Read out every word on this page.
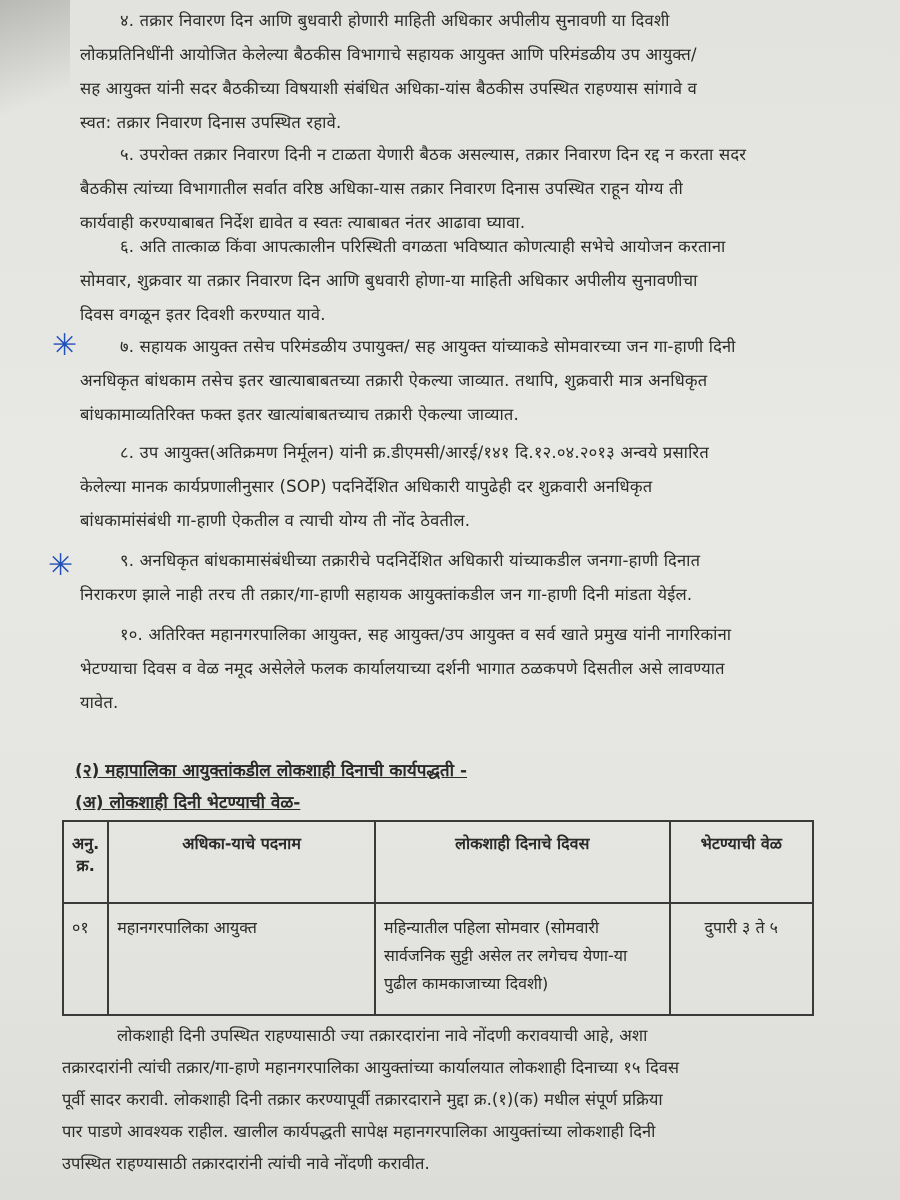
४. तक्रार निवारण दिन आणि बुधवारी होणारी माहिती अधिकार अपीलीय सुनावणी या दिवशी
लोकप्रतिनिधींनी आयोजित केलेल्या बैठकीस विभागाचे सहायक आयुक्त आणि परिमंडळीय उप आयुक्त/
सह आयुक्त यांनी सदर बैठकीच्या विषयाशी संबंधित अधिका-यांस बैठकीस उपस्थित राहण्यास सांगावे व
स्वत: तक्रार निवारण दिनास उपस्थित रहावे.
५. उपरोक्त तक्रार निवारण दिनी न टाळता येणारी बैठक असल्यास, तक्रार निवारण दिन रद्द न करता सदर
बैठकीस त्यांच्या विभागातील सर्वात वरिष्ठ अधिका-यास तक्रार निवारण दिनास उपस्थित राहून योग्य ती
कार्यवाही करण्याबाबत निर्देश द्यावेत व स्वतः त्याबाबत नंतर आढावा घ्यावा.
६. अति तात्काळ किंवा आपत्कालीन परिस्थिती वगळता भविष्यात कोणत्याही सभेचे आयोजन करताना
सोमवार, शुक्रवार या तक्रार निवारण दिन आणि बुधवारी होणा-या माहिती अधिकार अपीलीय सुनावणीचा
दिवस वगळून इतर दिवशी करण्यात यावे.
✳	७. सहायक आयुक्त तसेच परिमंडळीय उपायुक्त/ सह आयुक्त यांच्याकडे सोमवारच्या जन गा-हाणी दिनी
अनधिकृत बांधकाम तसेच इतर खात्याबाबतच्या तक्रारी ऐकल्या जाव्यात. तथापि, शुक्रवारी मात्र अनधिकृत
बांधकामाव्यतिरिक्त फक्त इतर खात्यांबाबतच्याच तक्रारी ऐकल्या जाव्यात.
८. उप आयुक्त(अतिक्रमण निर्मूलन) यांनी क्र.डीएमसी/आरई/१४१ दि.१२.०४.२०१३ अन्वये प्रसारित
केलेल्या मानक कार्यप्रणालीनुसार (SOP) पदनिर्देशित अधिकारी यापुढेही दर शुक्रवारी अनधिकृत
बांधकामांसंबंधी गा-हाणी ऐकतील व त्याची योग्य ती नोंद ठेवतील.
✳	९. अनधिकृत बांधकामासंबंधीच्या तक्रारीचे पदनिर्देशित अधिकारी यांच्याकडील जनगा-हाणी दिनात
निराकरण झाले नाही तरच ती तक्रार/गा-हाणी सहायक आयुक्तांकडील जन गा-हाणी दिनी मांडता येईल.
१०. अतिरिक्त महानगरपालिका आयुक्त, सह आयुक्त/उप आयुक्त व सर्व खाते प्रमुख यांनी नागरिकांना
भेटण्याचा दिवस व वेळ नमूद असेलेले फलक कार्यालयाच्या दर्शनी भागात ठळकपणे दिसतील असे लावण्यात
यावेत.
(२) महापालिका आयुक्तांकडील लोकशाही दिनाची कार्यपद्धती -
(अ) लोकशाही दिनी भेटण्याची वेळ-
अनु. क्र.	अधिका-याचे पदनाम	लोकशाही दिनाचे दिवस	भेटण्याची वेळ
०१	महानगरपालिका आयुक्त	महिन्यातील पहिला सोमवार (सोमवारी सार्वजनिक सुट्टी असेल तर लगेचच येणा-या पुढील कामकाजाच्या दिवशी)	दुपारी ३ ते ५
लोकशाही दिनी उपस्थित राहण्यासाठी ज्या तक्रारदारांना नावे नोंदणी करावयाची आहे, अशा
तक्रारदारांनी त्यांची तक्रार/गा-हाणे महानगरपालिका आयुक्तांच्या कार्यालयात लोकशाही दिनाच्या १५ दिवस
पूर्वी सादर करावी. लोकशाही दिनी तक्रार करण्यापूर्वी तक्रारदाराने मुद्दा क्र.(१)(क) मधील संपूर्ण प्रक्रिया
पार पाडणे आवश्यक राहील. खालील कार्यपद्धती सापेक्ष महानगरपालिका आयुक्तांच्या लोकशाही दिनी
उपस्थित राहण्यासाठी तक्रारदारांनी त्यांची नावे नोंदणी करावीत.
